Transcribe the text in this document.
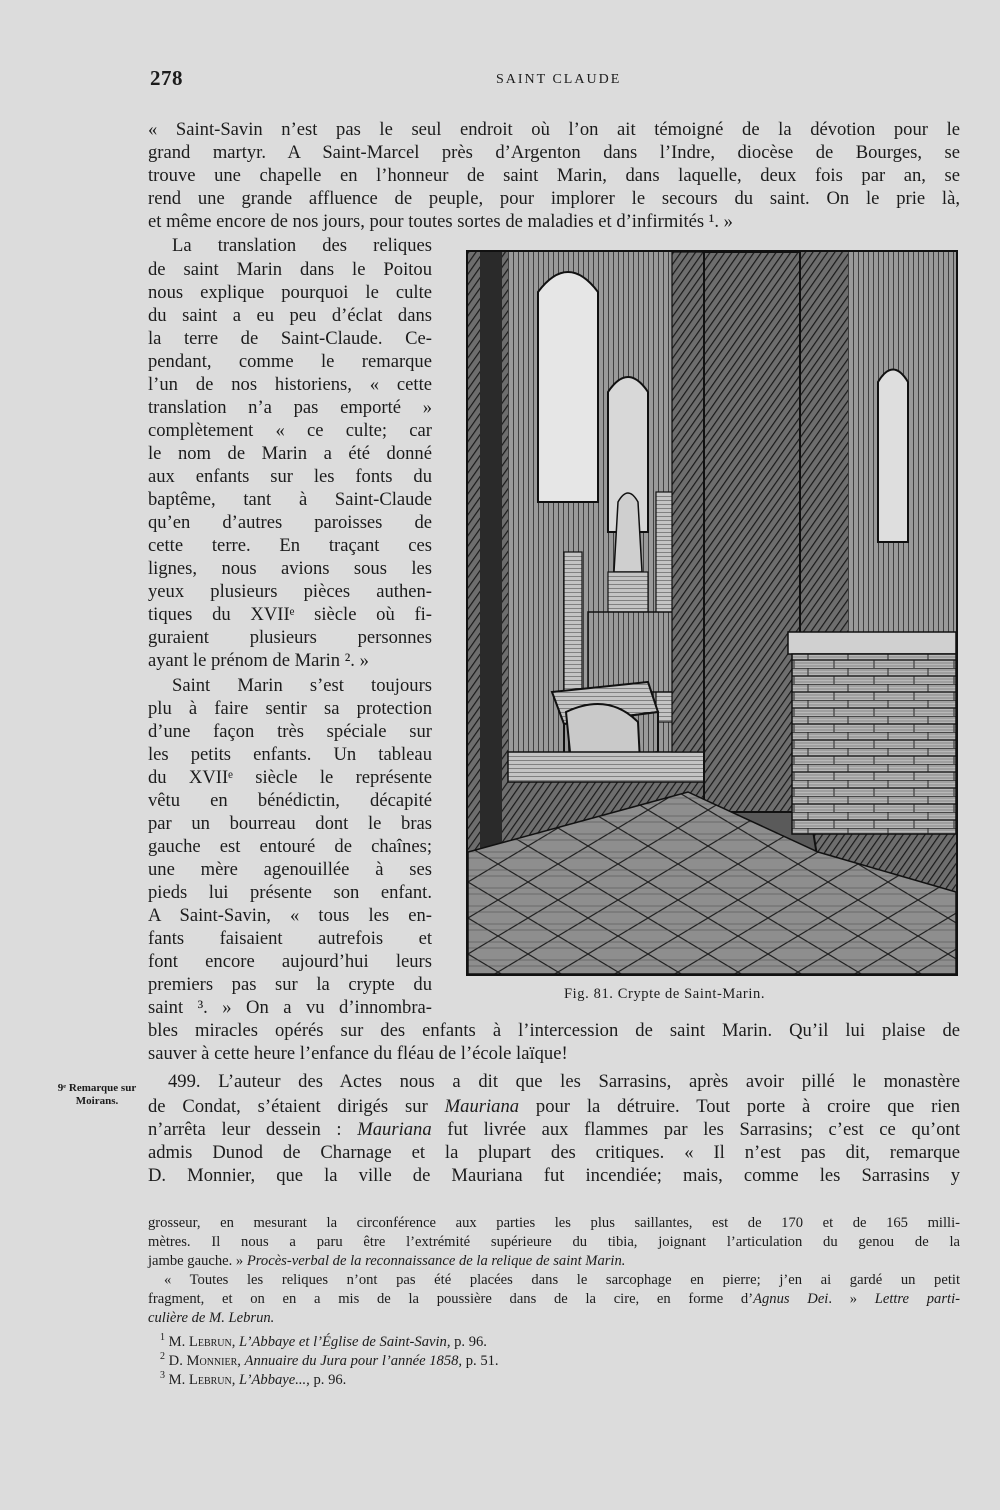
278	SAINT CLAUDE
« Saint-Savin n’est pas le seul endroit où l’on ait témoigné de la dévotion pour le
grand martyr. A Saint-Marcel près d’Argenton dans l’Indre, diocèse de Bourges, se
trouve une chapelle en l’honneur de saint Marin, dans laquelle, deux fois par an, se
rend une grande affluence de peuple, pour implorer le secours du saint. On le prie là,
et même encore de nos jours, pour toutes sortes de maladies et d’infirmités ¹. »
La translation des reliques
de saint Marin dans le Poitou
nous explique pourquoi le culte
du saint a eu peu d’éclat dans
la terre de Saint-Claude. Ce-
pendant, comme le remarque
l’un de nos historiens, « cette
translation n’a pas emporté »
complètement « ce culte; car
le nom de Marin a été donné
aux enfants sur les fonts du
baptême, tant à Saint-Claude
qu’en d’autres paroisses de
cette terre. En traçant ces
lignes, nous avions sous les
yeux plusieurs pièces authen-
tiques du XVIIᵉ siècle où fi-
guraient plusieurs personnes
ayant le prénom de Marin ². »
Saint Marin s’est toujours
plu à faire sentir sa protection
d’une façon très spéciale sur
les petits enfants. Un tableau
du XVIIᵉ siècle le représente
vêtu en bénédictin, décapité
par un bourreau dont le bras
gauche est entouré de chaînes;
une mère agenouillée à ses
pieds lui présente son enfant.
A Saint-Savin, « tous les en-
fants faisaient autrefois et
font encore aujourd’hui leurs
premiers pas sur la crypte du
saint ³. » On a vu d’innombra-
bles miracles opérés sur des enfants à l’intercession de saint Marin. Qu’il lui plaise de
sauver à cette heure l’enfance du fléau de l’école laïque!
9ᵉ Remarque sur Moirans.
499. L’auteur des Actes nous a dit que les Sarrasins, après avoir pillé le monastère
de Condat, s’étaient dirigés sur Mauriana pour la détruire. Tout porte à croire que rien
n’arrêta leur dessein : Mauriana fut livrée aux flammes par les Sarrasins; c’est ce qu’ont
admis Dunod de Charnage et la plupart des critiques. « Il n’est pas dit, remarque
D. Monnier, que la ville de Mauriana fut incendiée; mais, comme les Sarrasins y
Fig. 81. Crypte de Saint-Marin.
grosseur, en mesurant la circonférence aux parties les plus saillantes, est de 170 et de 165 milli-
mètres. Il nous a paru être l’extrémité supérieure du tibia, joignant l’articulation du genou de la
jambe gauche. » Procès-verbal de la reconnaissance de la relique de saint Marin.
« Toutes les reliques n’ont pas été placées dans le sarcophage en pierre; j’en ai gardé un petit
fragment, et on en a mis de la poussière dans de la cire, en forme d’Agnus Dei. » Lettre parti-
culière de M. Lebrun.
$^1$ M. Lebrun, L’Abbaye et l’Église de Saint-Savin, p. 96.
$^2$ D. Monnier, Annuaire du Jura pour l’année 1858, p. 51.
$^3$ M. Lebrun, L’Abbaye..., p. 96.
